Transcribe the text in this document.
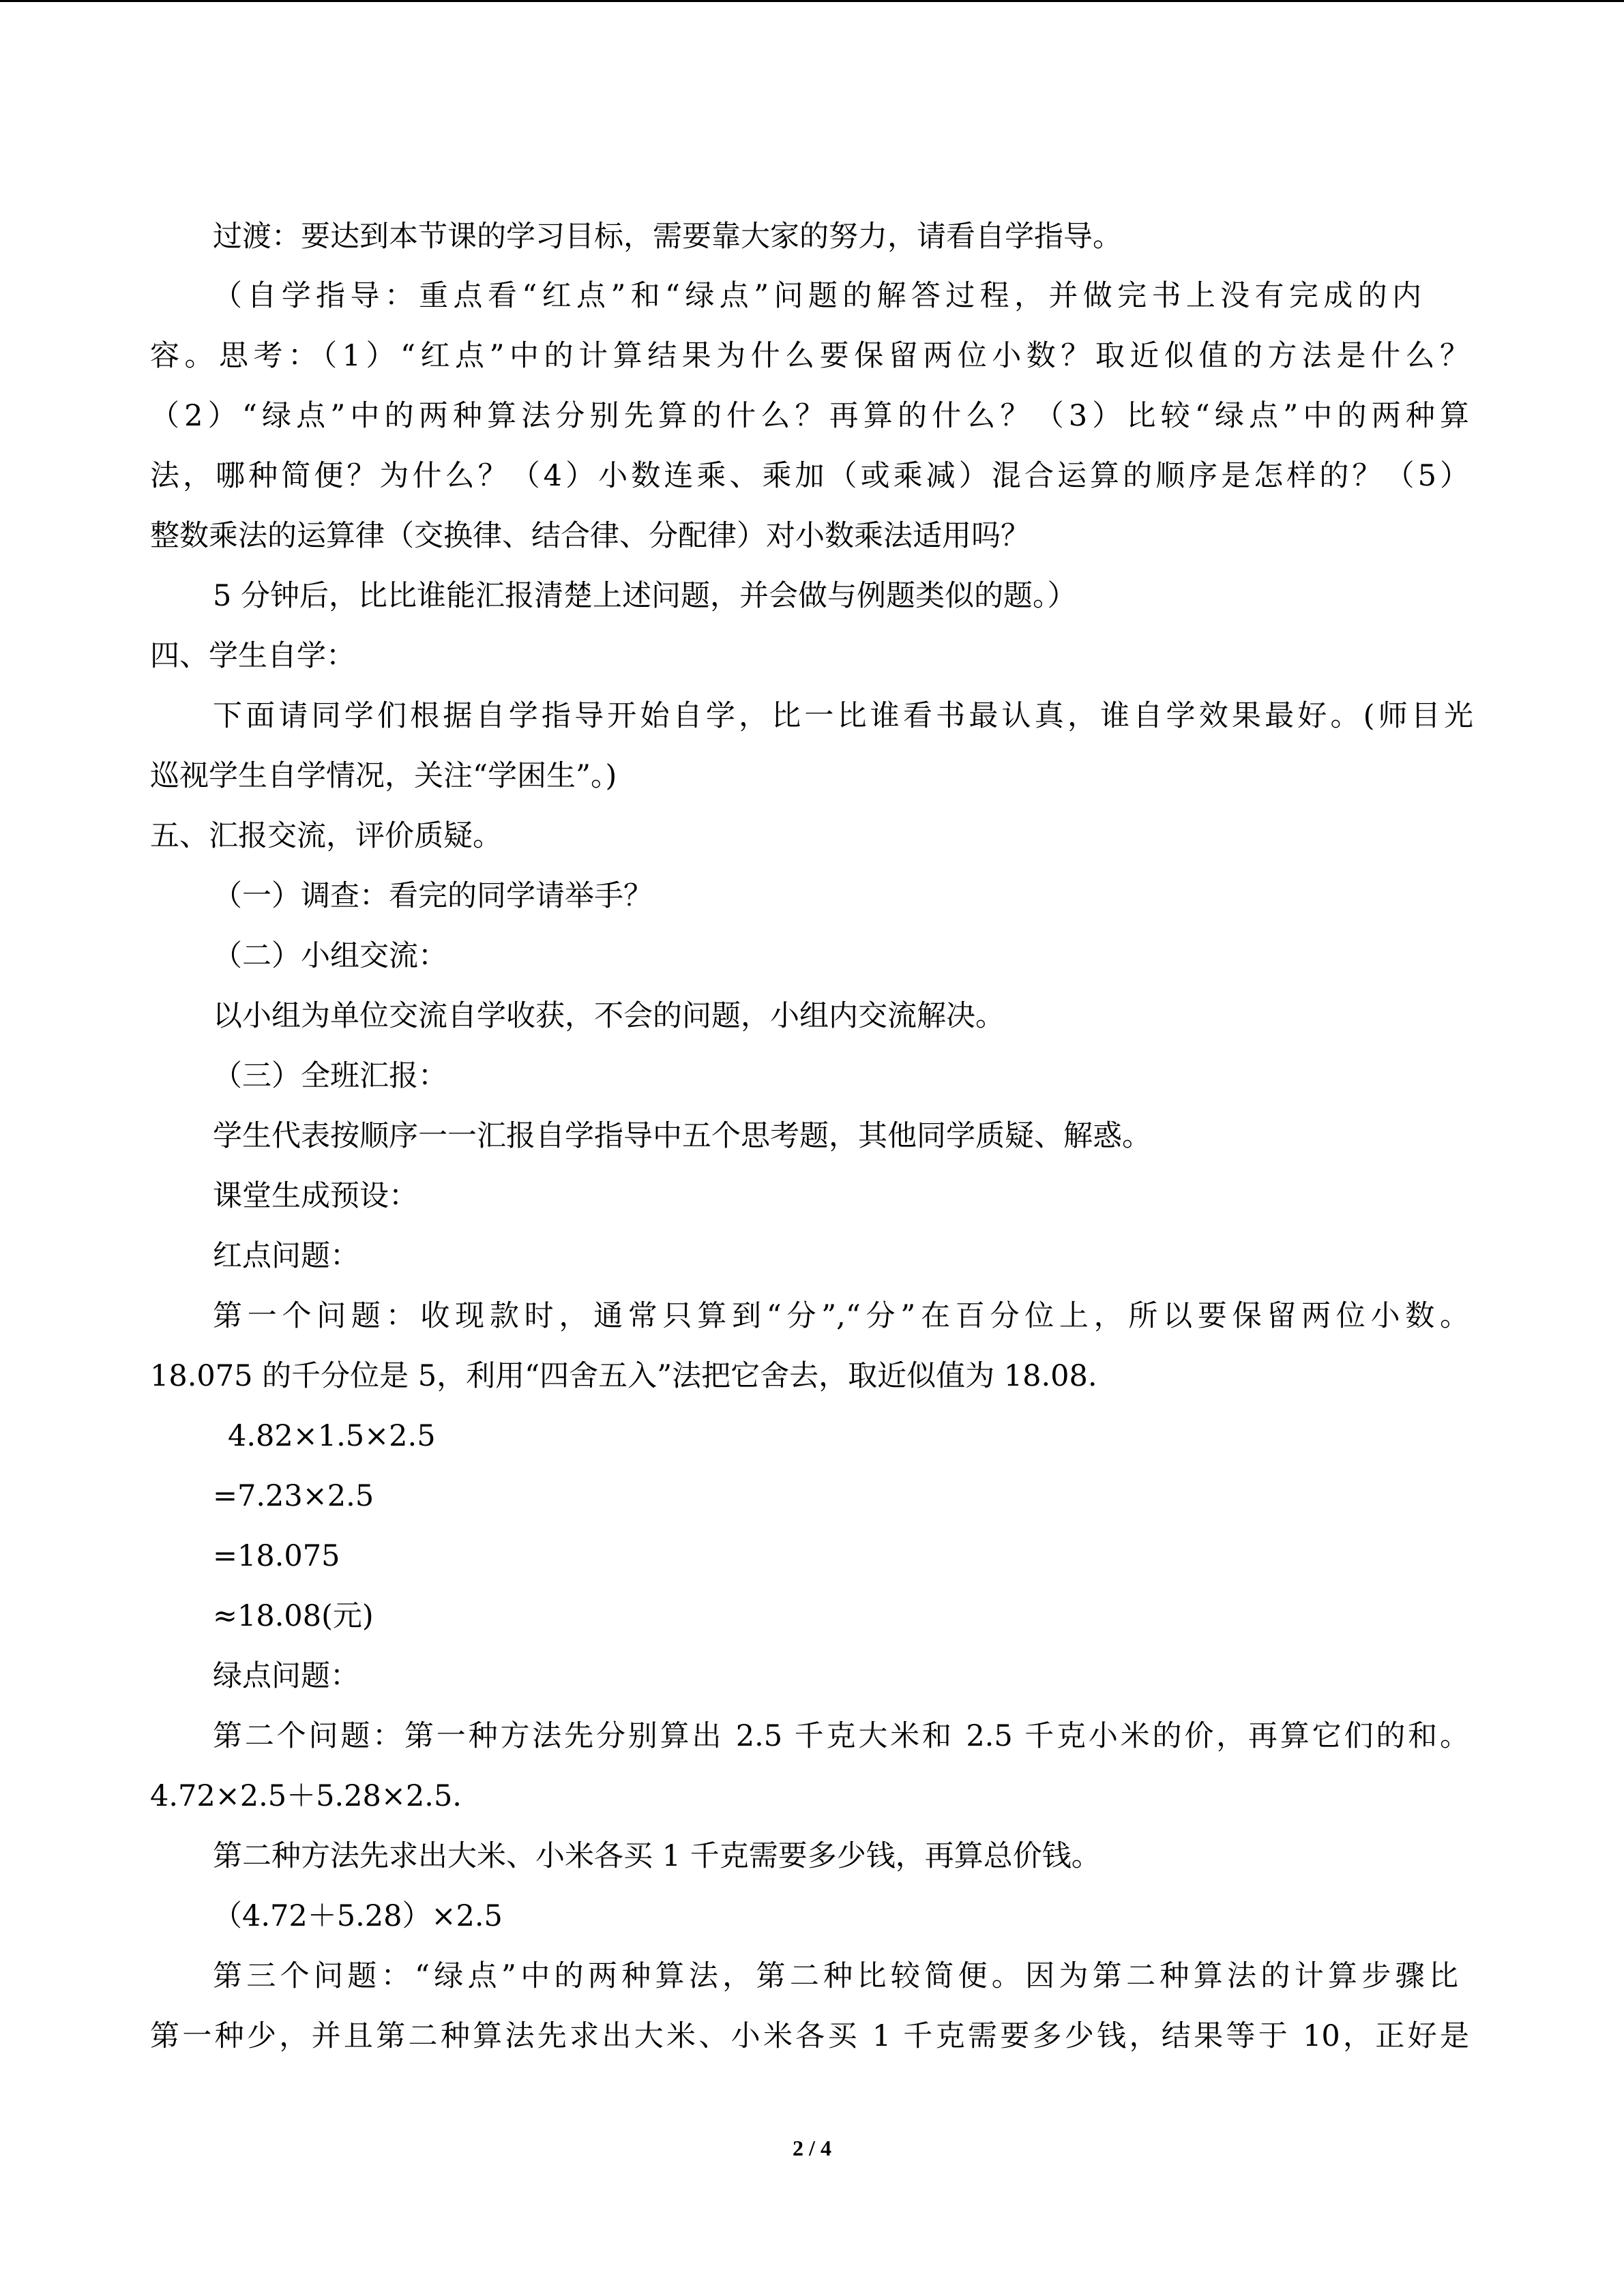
过渡：要达到本节课的学习目标，需要靠大家的努力，请看自学指导。
（自学指导：重点看“红点”和“绿点”问题的解答过程，并做完书上没有完成的内
容。思考：（1）“红点”中的计算结果为什么要保留两位小数？取近似值的方法是什么？
（2）“绿点”中的两种算法分别先算的什么？再算的什么？（3）比较“绿点”中的两种算
法，哪种简便？为什么？（4）小数连乘、乘加（或乘减）混合运算的顺序是怎样的？（5）
整数乘法的运算律（交换律、结合律、分配律）对小数乘法适用吗？
5 分钟后，比比谁能汇报清楚上述问题，并会做与例题类似的题。）
四、学生自学：
下面请同学们根据自学指导开始自学，比一比谁看书最认真，谁自学效果最好。(师目光
巡视学生自学情况，关注“学困生”。)
五、汇报交流，评价质疑。
（一）调查：看完的同学请举手？
（二）小组交流：
以小组为单位交流自学收获，不会的问题，小组内交流解决。
（三）全班汇报：
学生代表按顺序一一汇报自学指导中五个思考题，其他同学质疑、解惑。
课堂生成预设：
红点问题：
第一个问题：收现款时，通常只算到“分”,“分”在百分位上，所以要保留两位小数。
18.075 的千分位是 5，利用“四舍五入”法把它舍去，取近似值为 18.08.
4.82×1.5×2.5
=7.23×2.5
=18.075
≈18.08(元)
绿点问题：
第二个问题：第一种方法先分别算出 2.5 千克大米和 2.5 千克小米的价，再算它们的和。
4.72×2.5＋5.28×2.5.
第二种方法先求出大米、小米各买 1 千克需要多少钱，再算总价钱。
（4.72＋5.28）×2.5
第三个问题：“绿点”中的两种算法，第二种比较简便。因为第二种算法的计算步骤比
第一种少，并且第二种算法先求出大米、小米各买 1 千克需要多少钱，结果等于 10，正好是
2 / 4
